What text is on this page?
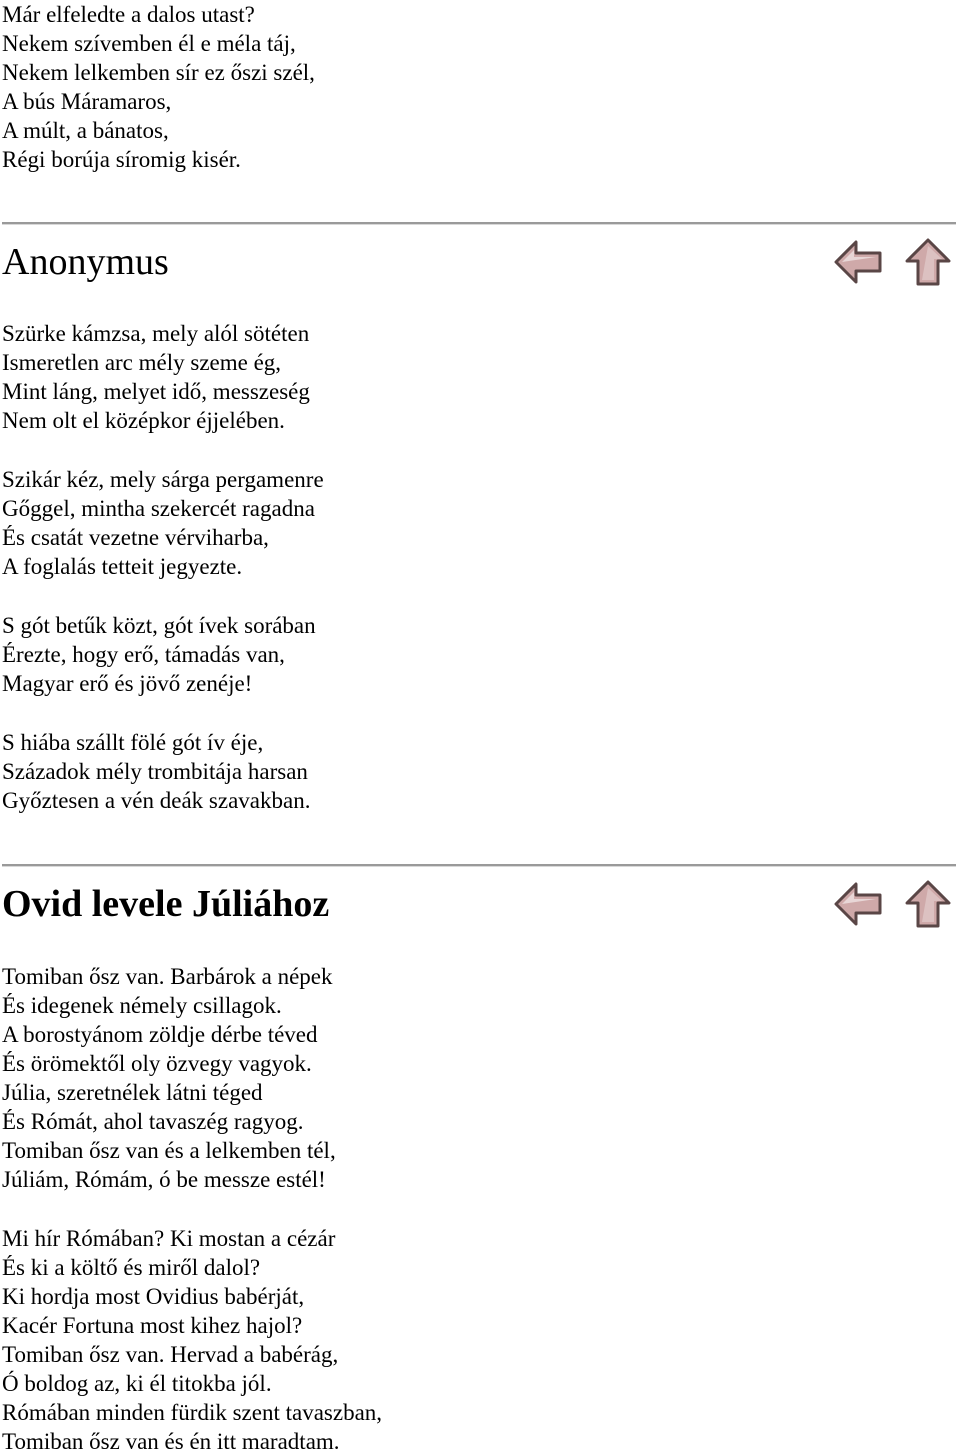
Már elfeledte a dalos utast?
Nekem szívemben él e méla táj,
Nekem lelkemben sír ez őszi szél,
A bús Máramaros,
A múlt, a bánatos,
Régi borúja síromig kisér.
Anonymus
Szürke kámzsa, mely alól sötéten
Ismeretlen arc mély szeme ég,
Mint láng, melyet idő, messzeség
Nem olt el középkor éjjelében.
Szikár kéz, mely sárga pergamenre
Gőggel, mintha szekercét ragadna
És csatát vezetne vérviharba,
A foglalás tetteit jegyezte.
S gót betűk közt, gót ívek sorában
Érezte, hogy erő, támadás van,
Magyar erő és jövő zenéje!
S hiába szállt fölé gót ív éje,
Századok mély trombitája harsan
Győztesen a vén deák szavakban.
Ovid levele Júliához
Tomiban ősz van. Barbárok a népek
És idegenek némely csillagok.
A borostyánom zöldje dérbe téved
És örömektől oly özvegy vagyok.
Júlia, szeretnélek látni téged
És Rómát, ahol tavaszég ragyog.
Tomiban ősz van és a lelkemben tél,
Júliám, Rómám, ó be messze estél!
Mi hír Rómában? Ki mostan a cézár
És ki a költő és miről dalol?
Ki hordja most Ovidius babérját,
Kacér Fortuna most kihez hajol?
Tomiban ősz van. Hervad a babérág,
Ó boldog az, ki él titokba jól.
Rómában minden fürdik szent tavaszban,
Tomiban ősz van és én itt maradtam.
